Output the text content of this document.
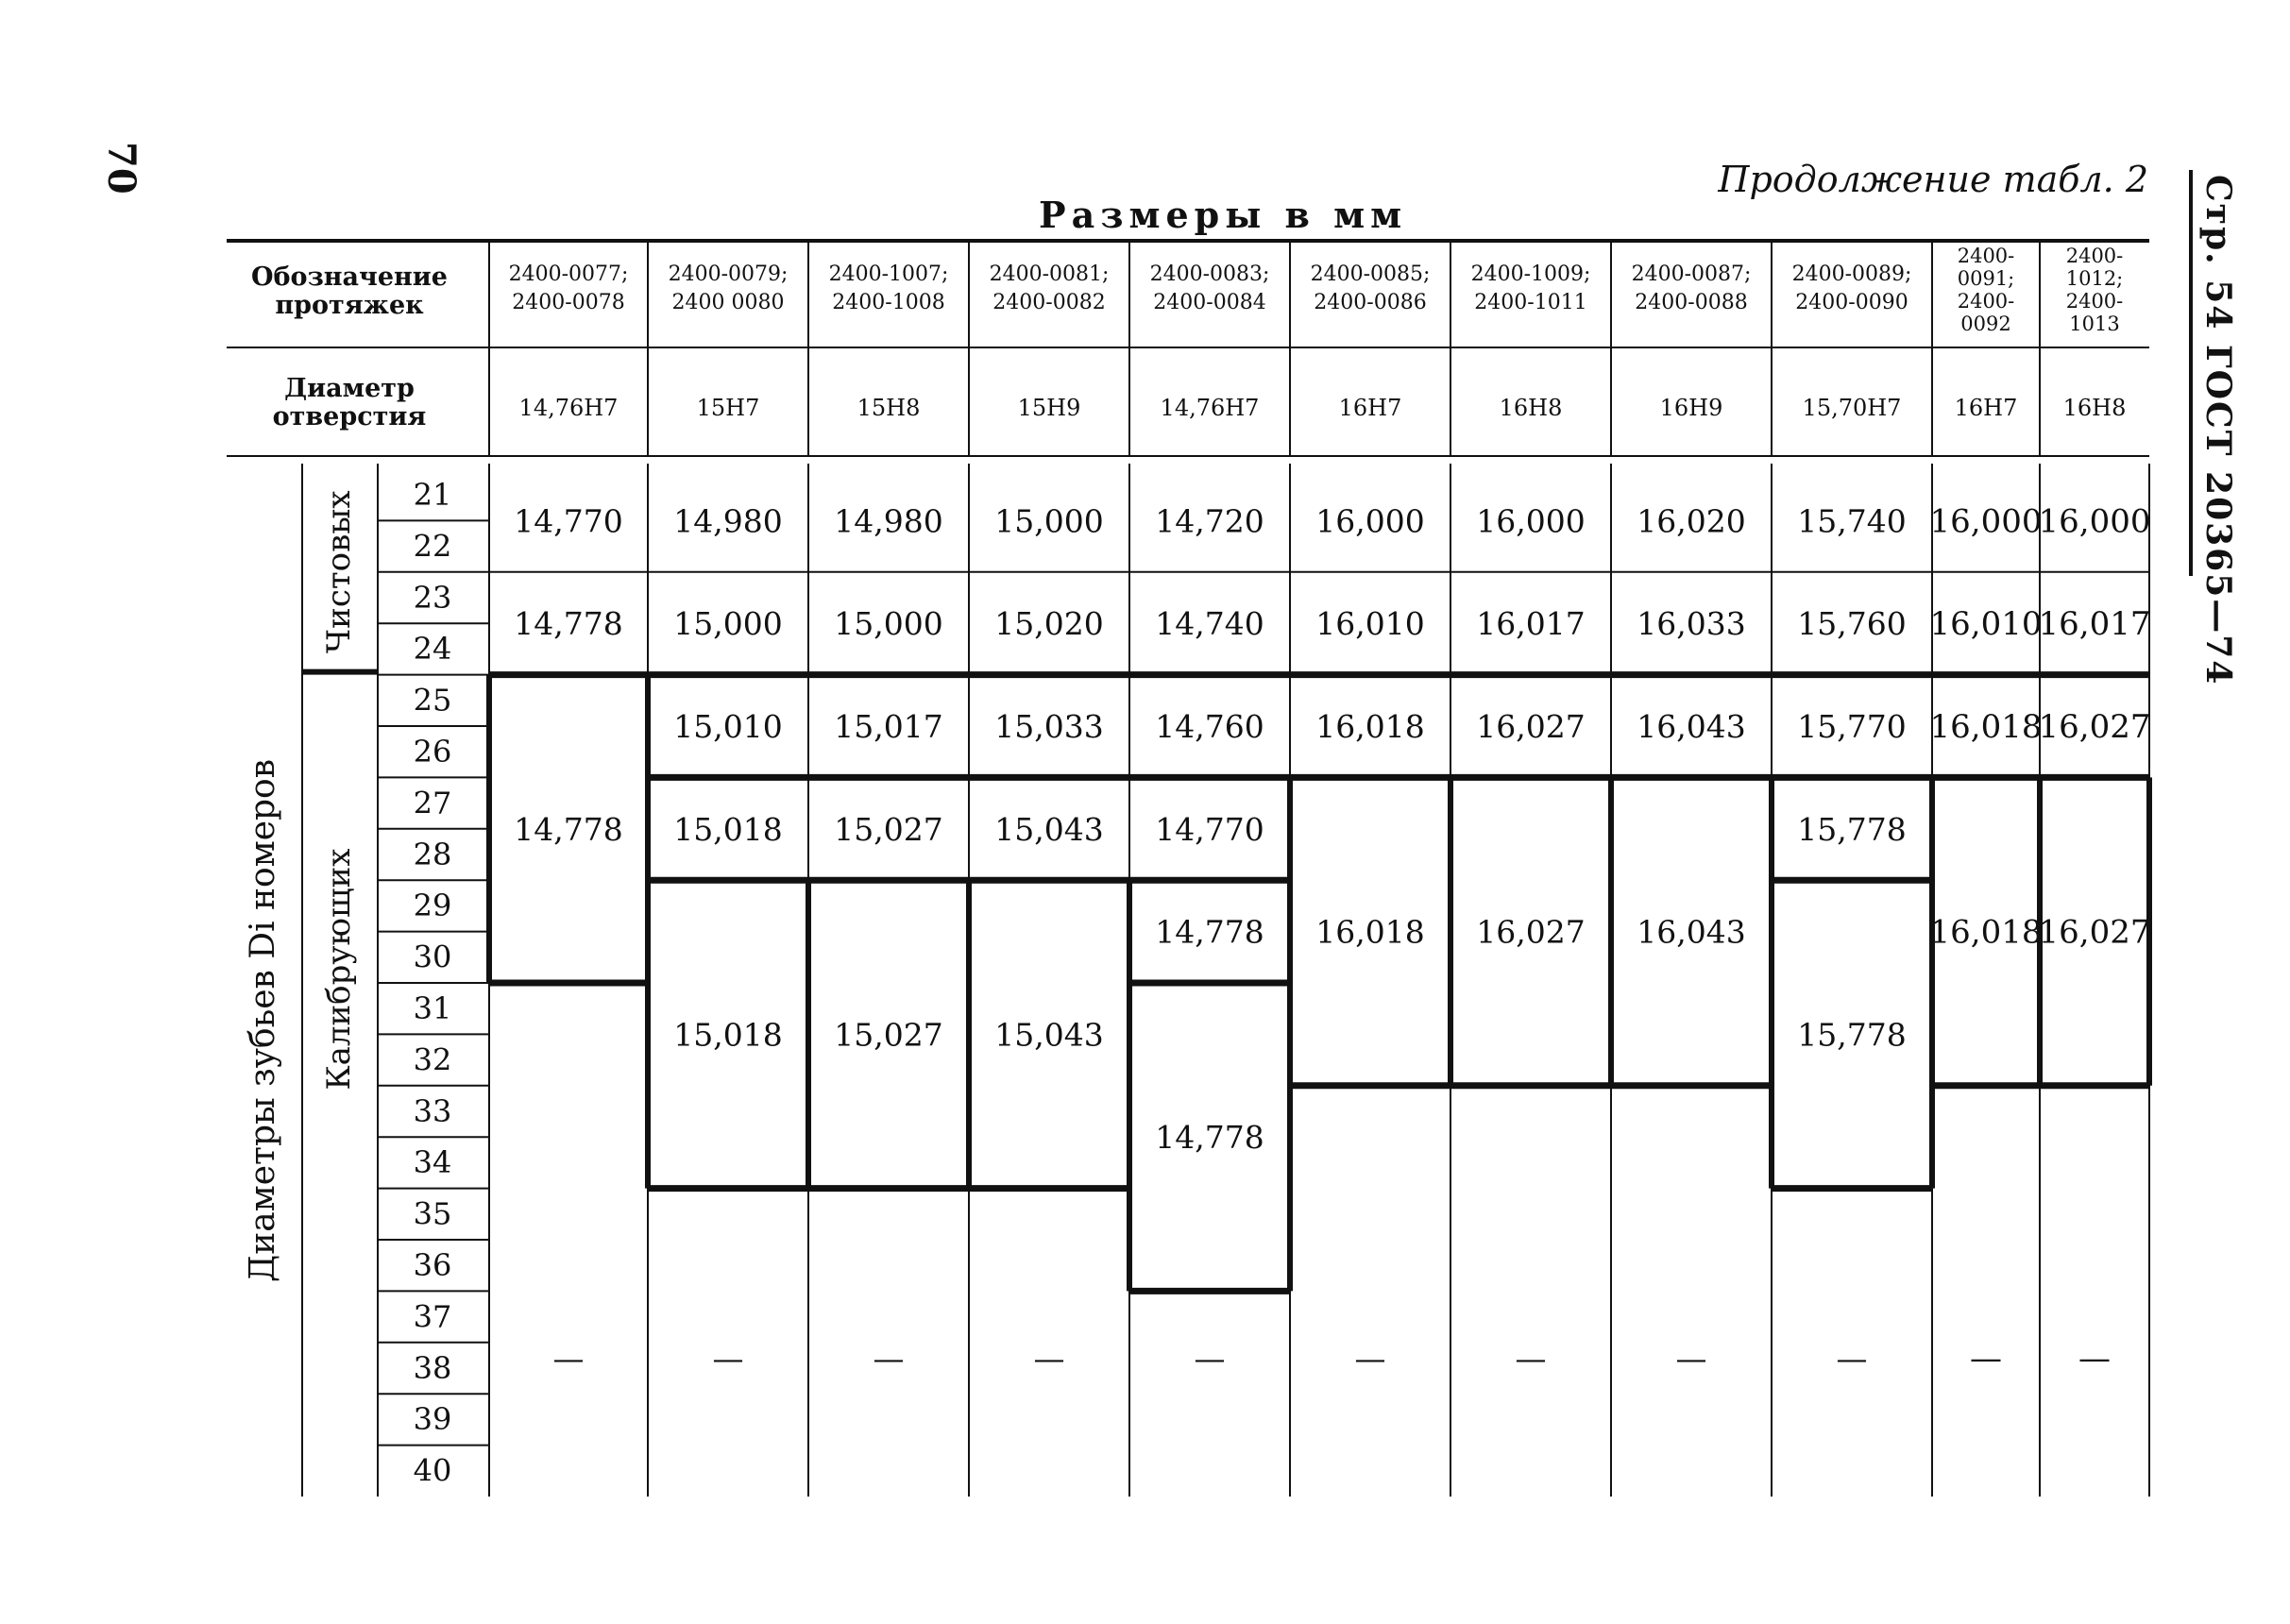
70
Стр. 54 ГОСТ 20365—74
Продолжение табл. 2
Размеры в мм
Обозначение
протяжек
Диаметр
отверстия
2400-0077;
2400-0078
14,76H7
2400-0079;
2400 0080
15H7
2400-1007;
2400-1008
15H8
2400-0081;
2400-0082
15H9
2400-0083;
2400-0084
14,76H7
2400-0085;
2400-0086
16H7
2400-1009;
2400-1011
16H8
2400-0087;
2400-0088
16H9
2400-0089;
2400-0090
15,70H7
2400-
0091;
2400-
0092
16H7
2400-
1012;
2400-
1013
16H8
21
22
23
24
25
26
27
28
29
30
31
32
33
34
35
36
37
38
39
40
Диаметры зубьев Di номеров
Чистовых
Калибрующих
14,770
14,778
14,778
—
14,980
15,000
15,010
15,018
15,018
—
14,980
15,000
15,017
15,027
15,027
—
15,000
15,020
15,033
15,043
15,043
—
14,720
14,740
14,760
14,770
14,778
14,778
—
16,000
16,010
16,018
16,018
—
16,000
16,017
16,027
16,027
—
16,020
16,033
16,043
16,043
—
15,740
15,760
15,770
15,778
15,778
—
16,000
16,010
16,018
16,018
—
16,000
16,017
16,027
16,027
—
